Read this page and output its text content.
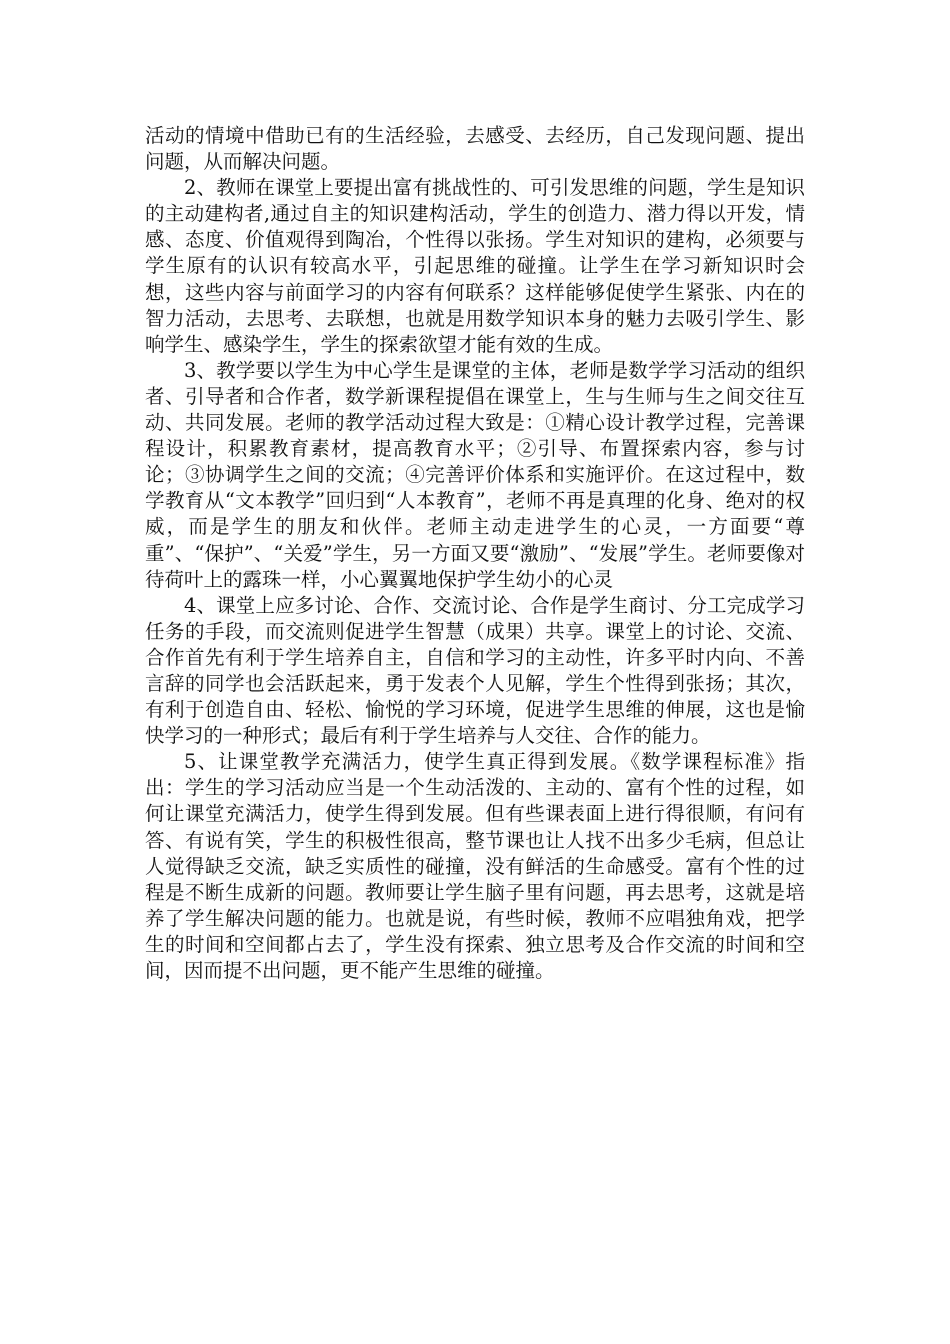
活动的情境中借助已有的生活经验，去感受、去经历，自己发现问题、提出问题，从而解决问题。

2、教师在课堂上要提出富有挑战性的、可引发思维的问题，学生是知识的主动建构者,通过自主的知识建构活动，学生的创造力、潜力得以开发，情感、态度、价值观得到陶冶，个性得以张扬。学生对知识的建构，必须要与学生原有的认识有较高水平，引起思维的碰撞。让学生在学习新知识时会想，这些内容与前面学习的内容有何联系？这样能够促使学生紧张、内在的智力活动，去思考、去联想，也就是用数学知识本身的魅力去吸引学生、影响学生、感染学生，学生的探索欲望才能有效的生成。

3、教学要以学生为中心学生是课堂的主体，老师是数学学习活动的组织者、引导者和合作者，数学新课程提倡在课堂上，生与生师与生之间交往互动、共同发展。老师的教学活动过程大致是：①精心设计教学过程，完善课程设计，积累教育素材，提高教育水平；②引导、布置探索内容，参与讨论；③协调学生之间的交流；④完善评价体系和实施评价。在这过程中，数学教育从“文本教学”回归到“人本教育”，老师不再是真理的化身、绝对的权威，而是学生的朋友和伙伴。老师主动走进学生的心灵，一方面要“尊重”、“保护”、“关爱”学生，另一方面又要“激励”、“发展”学生。老师要像对待荷叶上的露珠一样，小心翼翼地保护学生幼小的心灵

4、课堂上应多讨论、合作、交流讨论、合作是学生商讨、分工完成学习任务的手段，而交流则促进学生智慧（成果）共享。课堂上的讨论、交流、合作首先有利于学生培养自主，自信和学习的主动性，许多平时内向、不善言辞的同学也会活跃起来，勇于发表个人见解，学生个性得到张扬；其次，有利于创造自由、轻松、愉悦的学习环境，促进学生思维的伸展，这也是愉快学习的一种形式；最后有利于学生培养与人交往、合作的能力。

5、让课堂教学充满活力，使学生真正得到发展。《数学课程标准》指出：学生的学习活动应当是一个生动活泼的、主动的、富有个性的过程，如何让课堂充满活力，使学生得到发展。但有些课表面上进行得很顺，有问有答、有说有笑，学生的积极性很高，整节课也让人找不出多少毛病，但总让人觉得缺乏交流，缺乏实质性的碰撞，没有鲜活的生命感受。富有个性的过程是不断生成新的问题。教师要让学生脑子里有问题，再去思考，这就是培养了学生解决问题的能力。也就是说，有些时候，教师不应唱独角戏，把学生的时间和空间都占去了，学生没有探索、独立思考及合作交流的时间和空间，因而提不出问题，更不能产生思维的碰撞。
